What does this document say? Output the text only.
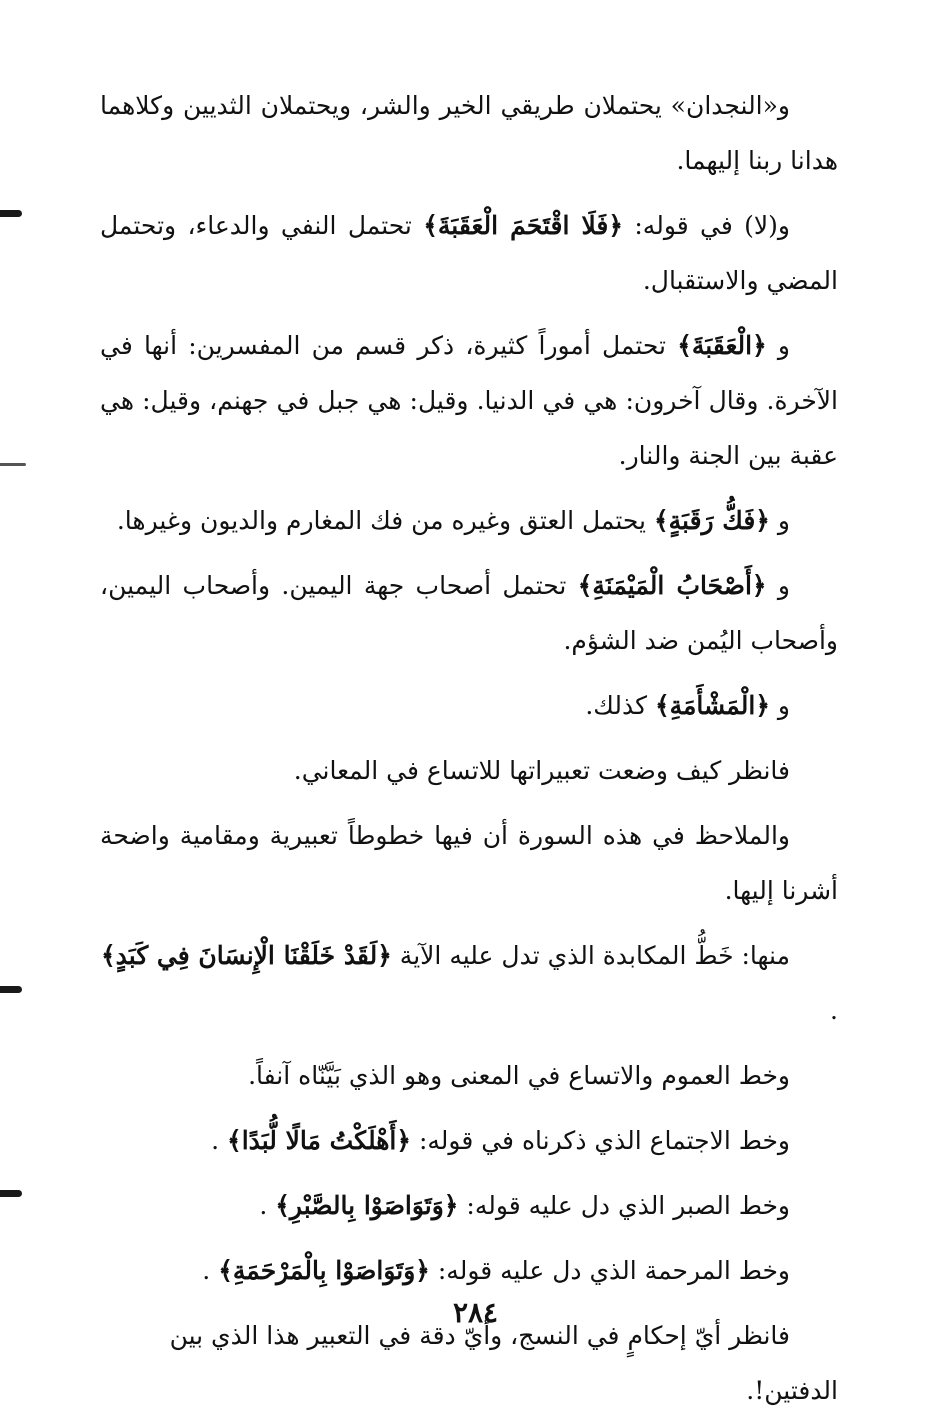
و«النجدان» يحتملان طريقي الخير والشر، ويحتملان الثديين وكلاهما هدانا ربنا إليهما.

و(لا) في قوله: ﴿فَلَا اقْتَحَمَ الْعَقَبَةَ﴾ تحتمل النفي والدعاء، وتحتمل المضي والاستقبال.

و ﴿الْعَقَبَةَ﴾ تحتمل أموراً كثيرة، ذكر قسم من المفسرين: أنها في الآخرة. وقال آخرون: هي في الدنيا. وقيل: هي جبل في جهنم، وقيل: هي عقبة بين الجنة والنار.

و ﴿فَكُّ رَقَبَةٍ﴾ يحتمل العتق وغيره من فك المغارم والديون وغيرها.

و ﴿أَصْحَابُ الْمَيْمَنَةِ﴾ تحتمل أصحاب جهة اليمين. وأصحاب اليمين، وأصحاب اليُمن ضد الشؤم.

و ﴿الْمَشْأَمَةِ﴾ كذلك.

فانظر كيف وضعت تعبيراتها للاتساع في المعاني.

والملاحظ في هذه السورة أن فيها خطوطاً تعبيرية ومقامية واضحة أشرنا إليها.

منها: خَطُّ المكابدة الذي تدل عليه الآية ﴿لَقَدْ خَلَقْنَا الْإِنسَانَ فِي كَبَدٍ﴾ .

وخط العموم والاتساع في المعنى وهو الذي بَيَّنّاه آنفاً.

وخط الاجتماع الذي ذكرناه في قوله: ﴿أَهْلَكْتُ مَالًا لُّبَدًا﴾ .

وخط الصبر الذي دل عليه قوله: ﴿وَتَوَاصَوْا بِالصَّبْرِ﴾ .

وخط المرحمة الذي دل عليه قوله: ﴿وَتَوَاصَوْا بِالْمَرْحَمَةِ﴾ .

فانظر أيّ إحكامٍ في النسج، وأيّ دقة في التعبير هذا الذي بين الدفتين!.

٢٨٤
